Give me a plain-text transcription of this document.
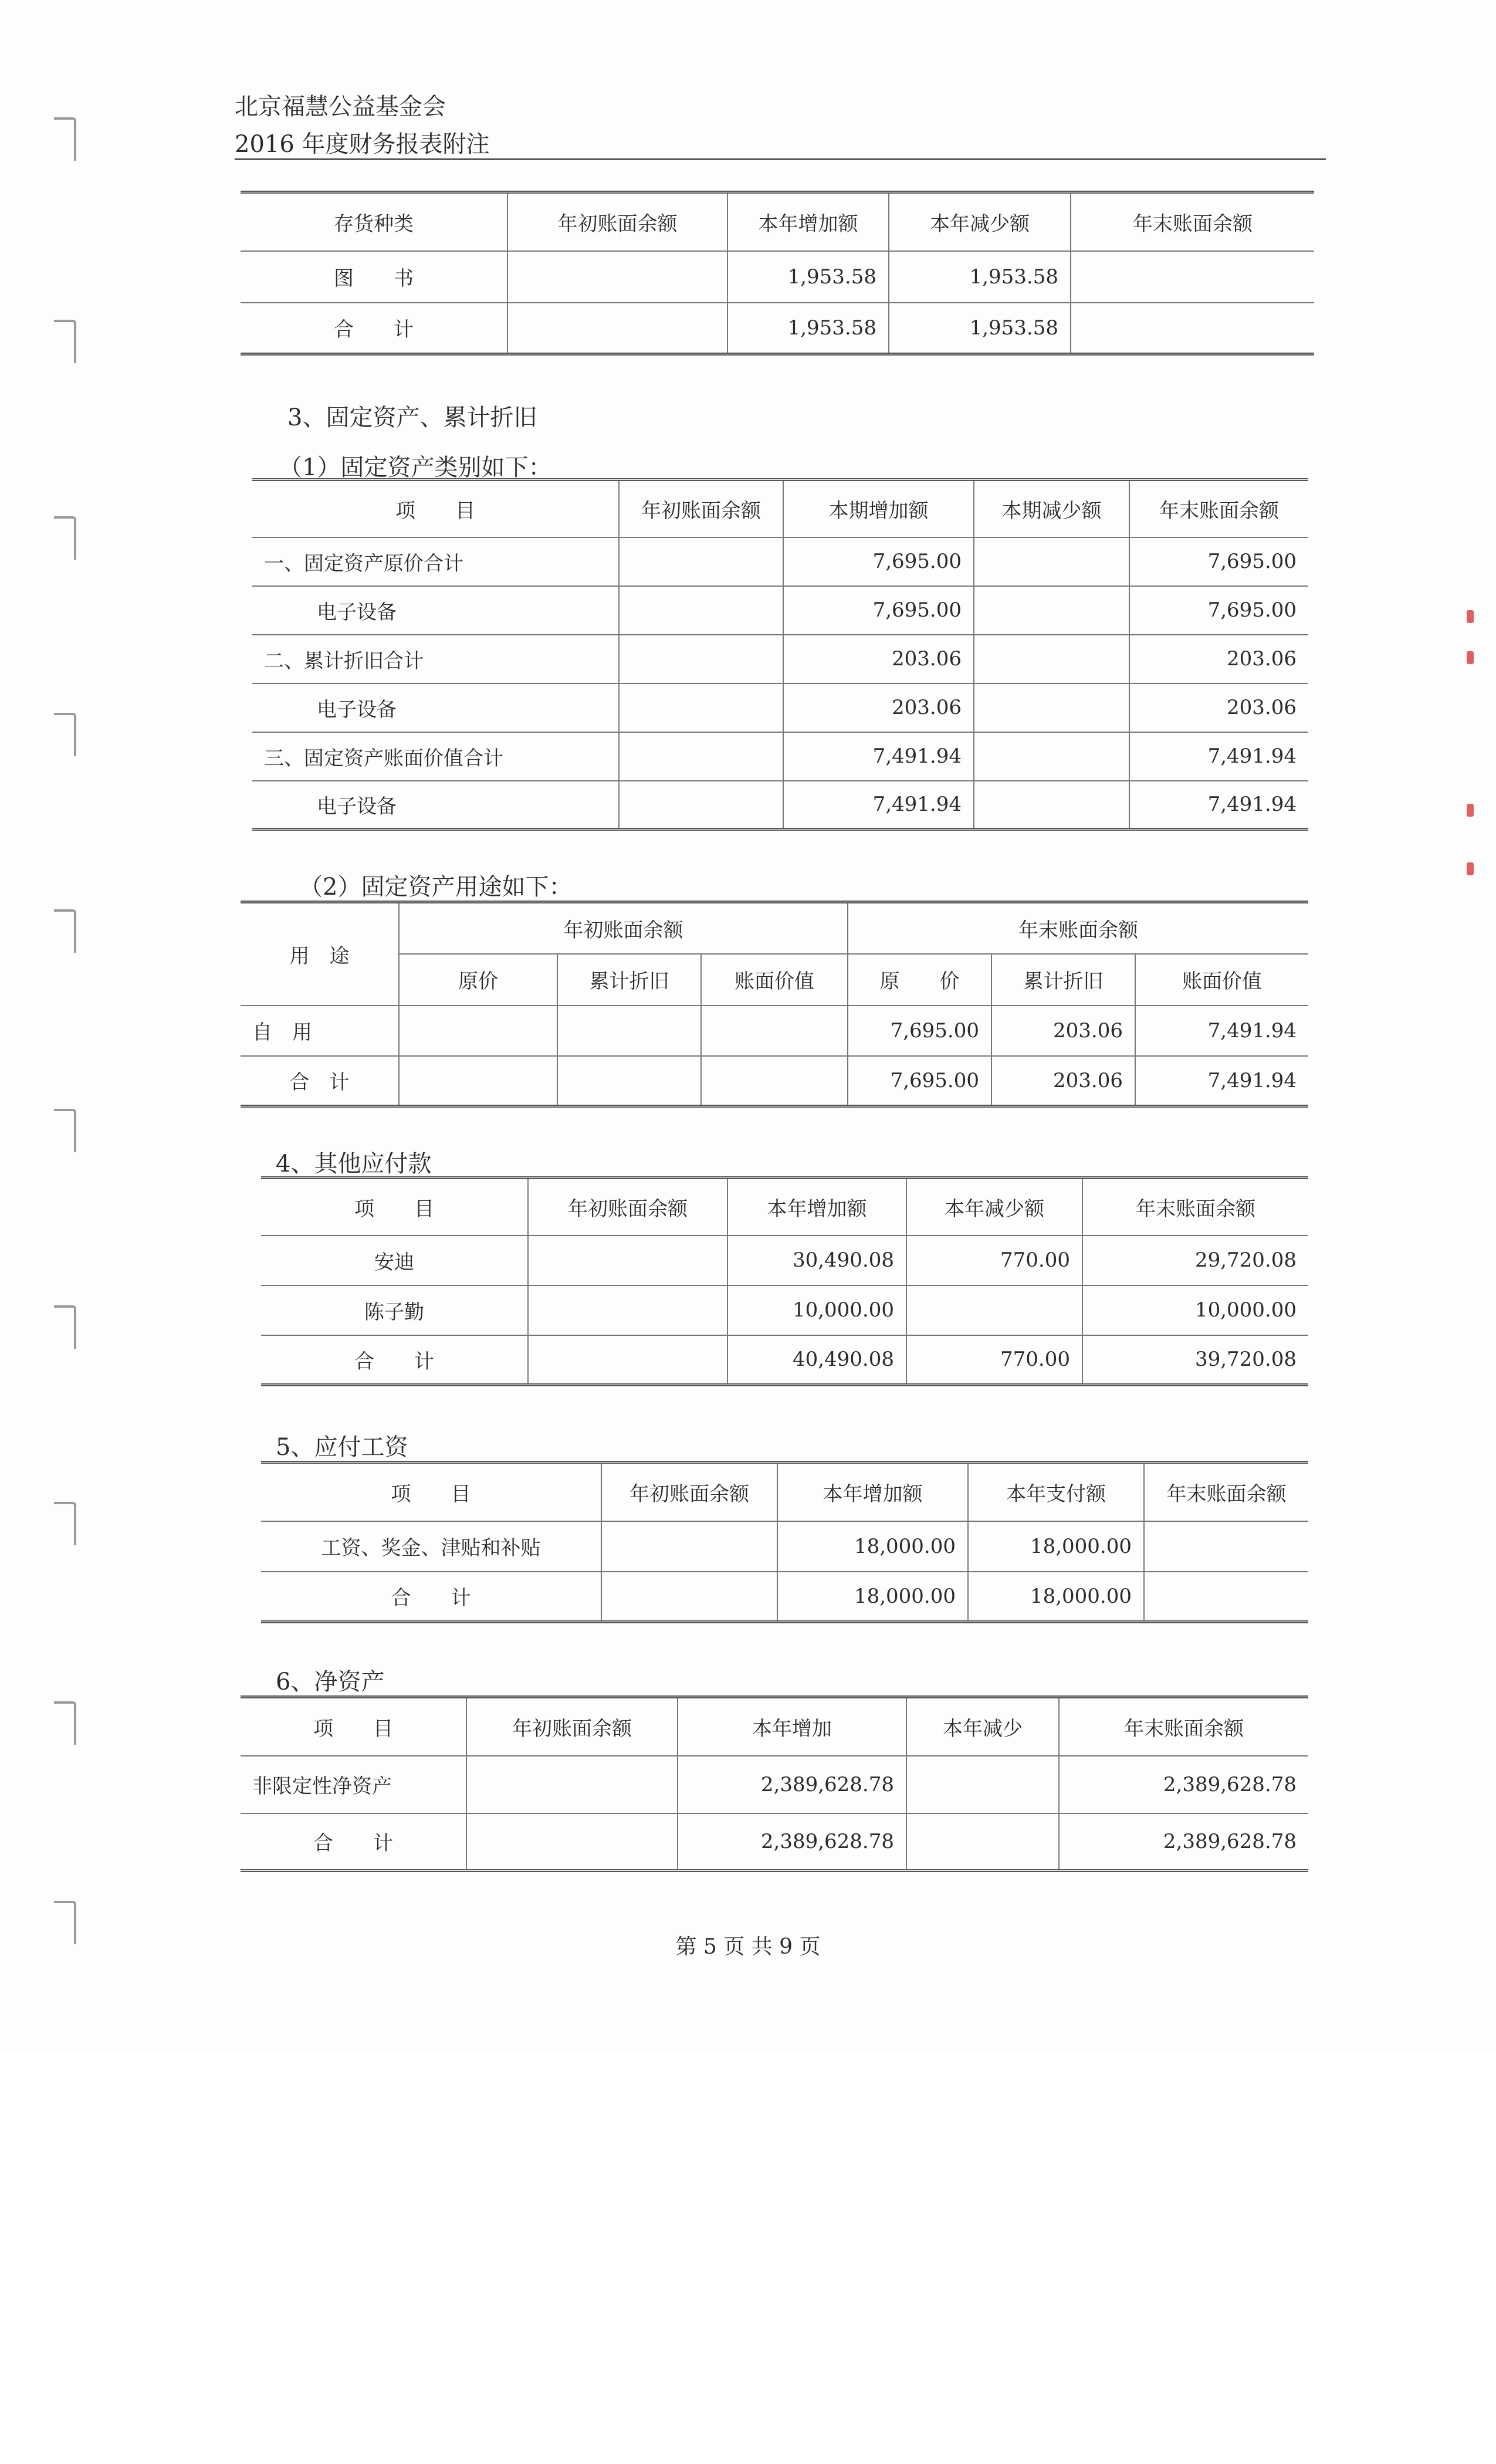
北京福慧公益基金会
2016 年度财务报表附注
存货种类	年初账面余额	本年增加额	本年减少额	年末账面余额
图　　书		1,953.58	1,953.58	
合　　计		1,953.58	1,953.58	
3、固定资产、累计折旧
（1）固定资产类别如下：
项　　目	年初账面余额	本期增加额	本期减少额	年末账面余额
一、固定资产原价合计		7,695.00		7,695.00
电子设备		7,695.00		7,695.00
二、累计折旧合计		203.06		203.06
电子设备		203.06		203.06
三、固定资产账面价值合计		7,491.94		7,491.94
电子设备		7,491.94		7,491.94
（2）固定资产用途如下：
用　途	年初账面余额			年末账面余额		
	原价	累计折旧	账面价值	原　　价	累计折旧	账面价值
自　用				7,695.00	203.06	7,491.94
合　计				7,695.00	203.06	7,491.94
4、其他应付款
项　　目	年初账面余额	本年增加额	本年减少额	年末账面余额
安迪		30,490.08	770.00	29,720.08
陈子勤		10,000.00		10,000.00
合　　计		40,490.08	770.00	39,720.08
5、应付工资
项　　目	年初账面余额	本年增加额	本年支付额	年末账面余额
工资、奖金、津贴和补贴		18,000.00	18,000.00	
合　　计		18,000.00	18,000.00	
6、净资产
项　　目	年初账面余额	本年增加	本年减少	年末账面余额
非限定性净资产		2,389,628.78		2,389,628.78
合　　计		2,389,628.78		2,389,628.78
第 5 页 共 9 页
